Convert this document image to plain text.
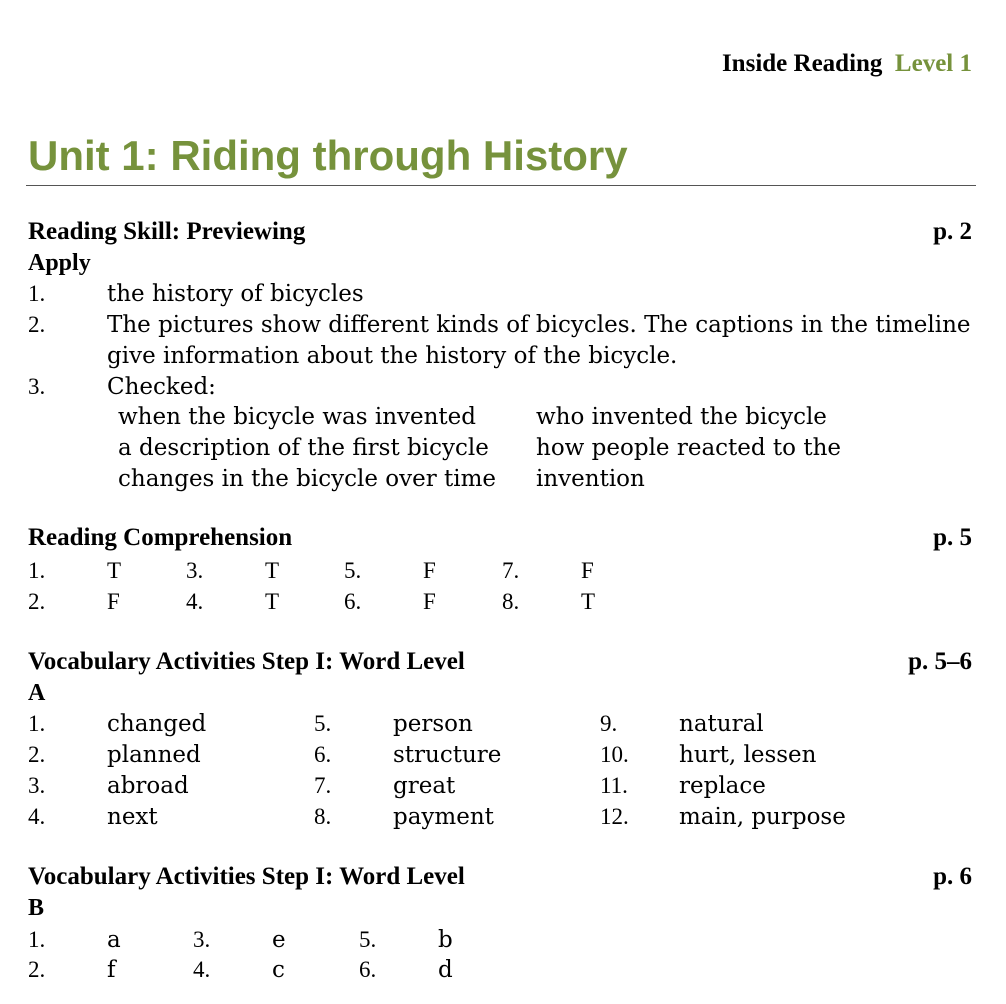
Inside Reading Level 1
Unit 1: Riding through History
Reading Skill: Previewing	p. 2
Apply
1.	the history of bicycles
2.	The pictures show different kinds of bicycles. The captions in the timeline
give information about the history of the bicycle.
3.	Checked:
when the bicycle was invented
a description of the first bicycle
changes in the bicycle over time
who invented the bicycle
how people reacted to the
invention
Reading Comprehension	p. 5
1.	T	3.	T	5.	F	7.	F
2.	F	4.	T	6.	F	8.	T
Vocabulary Activities Step I: Word Level	p. 5–6
A
1.	changed
2.	planned
3.	abroad
4.	next
5.	person
6.	structure
7.	great
8.	payment
9.	natural
10. hurt, lessen
11. replace
12. main, purpose
Vocabulary Activities Step I: Word Level	p. 6
B
1.	a	3.	e	5.	b
2.	f	4.	c	6.	d
